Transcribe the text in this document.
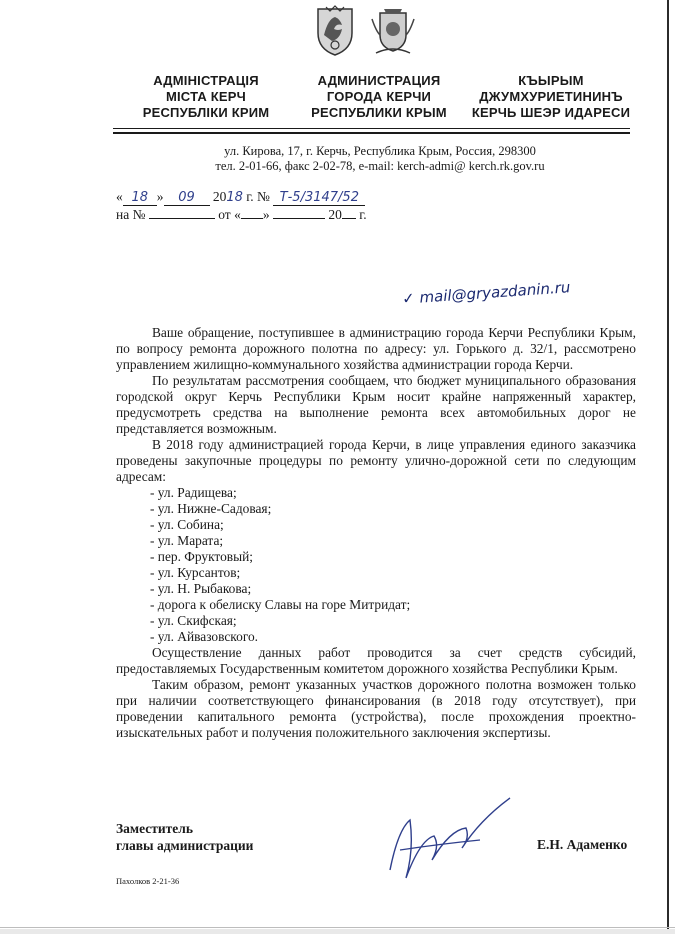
АДМІНІСТРАЦІЯ
МІСТА КЕРЧ
РЕСПУБЛІКИ КРИМ
АДМИНИСТРАЦИЯ
ГОРОДА КЕРЧИ
РЕСПУБЛИКИ КРЫМ
КЪЫРЫМ
ДЖУМХУРИЕТИНИНЪ
КЕРЧЬ ШЕЭР ИДАРЕСИ
ул. Кирова, 17, г. Керчь, Республика Крым, Россия, 298300
тел. 2-01-66, факс 2-02-78, e-mail: kerch-admi@ kerch.rk.gov.ru
« 18 » 09 2018 г. № Т-5/3147/52
на №	от « »	20 г.
✓ mail@gryazdanin.ru

Ваше обращение, поступившее в администрацию города Керчи Республики Крым, по вопросу ремонта дорожного полотна по адресу: ул. Горького д. 32/1, рассмотрено управлением жилищно-коммунального хозяйства администрации города Керчи.

По результатам рассмотрения сообщаем, что бюджет муниципального образования городской округ Керчь Республики Крым носит крайне напряженный характер, предусмотреть средства на выполнение ремонта всех автомобильных дорог не представляется возможным.

В 2018 году администрацией города Керчи, в лице управления единого заказчика проведены закупочные процедуры по ремонту улично-дорожной сети по следующим адресам:

- ул. Радищева;
- ул. Нижне-Садовая;
- ул. Собина;
- ул. Марата;
- пер. Фруктовый;
- ул. Курсантов;
- ул. Н. Рыбакова;
- дорога к обелиску Славы на горе Митридат;
- ул. Скифская;
- ул. Айвазовского.

Осуществление данных работ проводится за счет средств субсидий, предоставляемых Государственным комитетом дорожного хозяйства Республики Крым.

Таким образом, ремонт указанных участков дорожного полотна возможен только при наличии соответствующего финансирования (в 2018 году отсутствует), при проведении капитального ремонта (устройства), после прохождения проектно-изыскательных работ и получения положительного заключения экспертизы.

Заместитель
главы администрации	Е.Н. Адаменко
Пахолков 2-21-36
